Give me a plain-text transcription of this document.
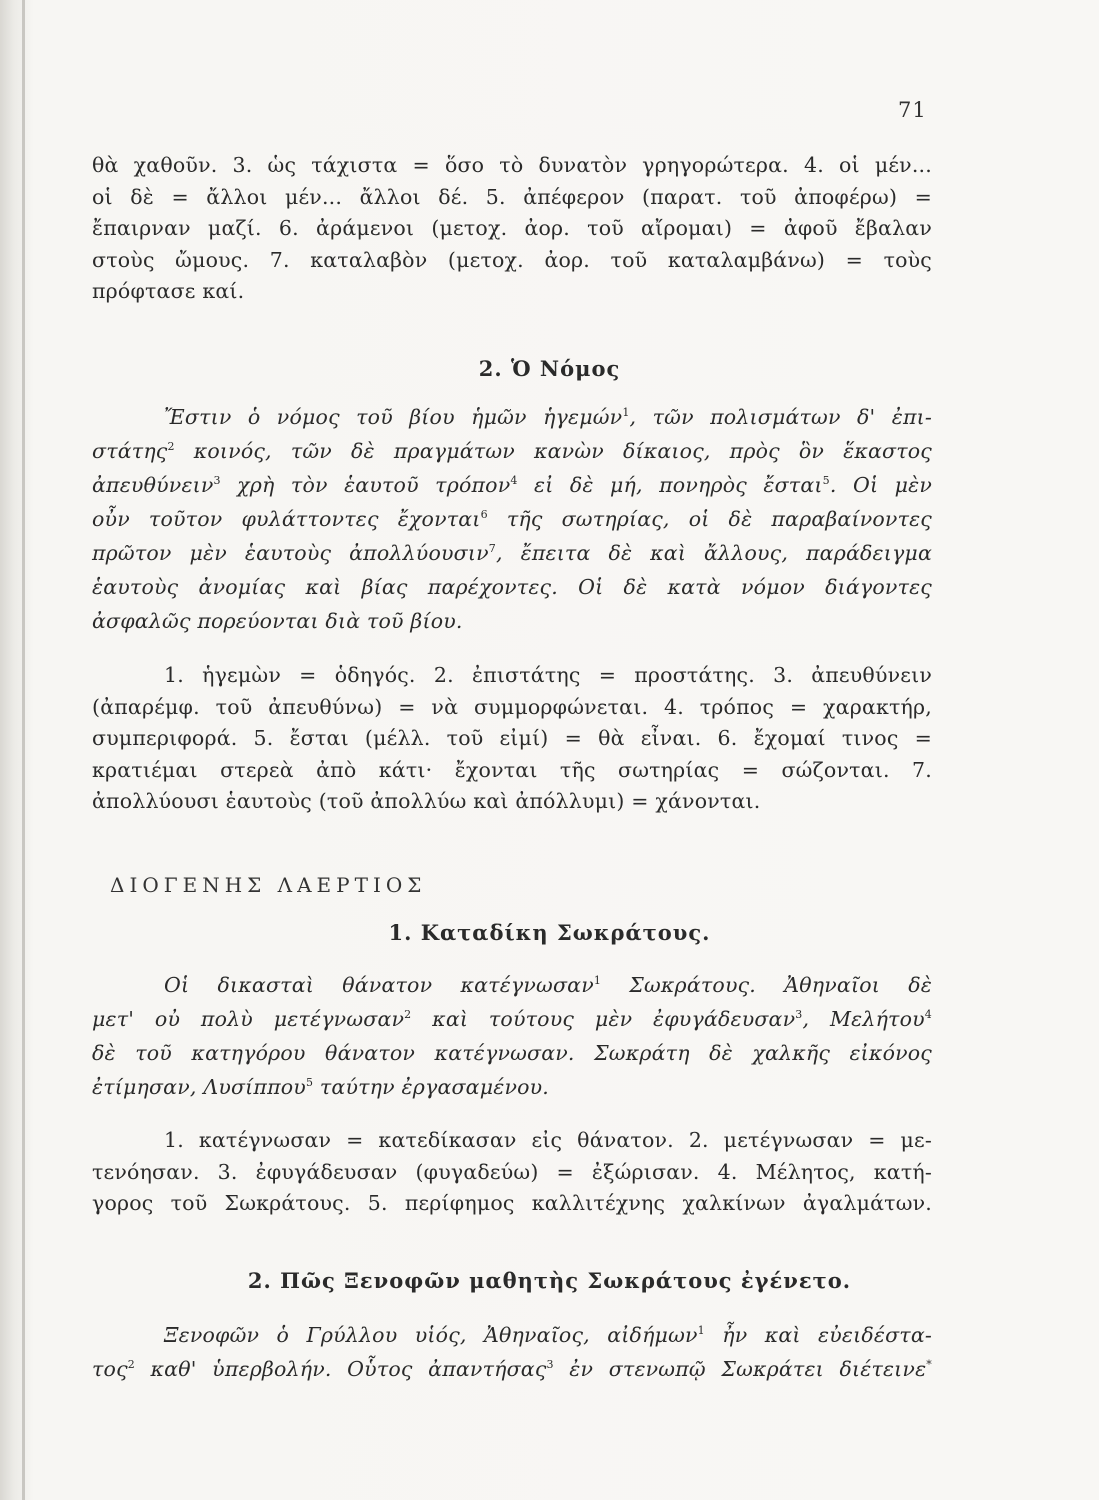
71
θὰ χαθοῦν. 3. ὡς τάχιστα = ὅσο τὸ δυνατὸν γρηγορώτερα. 4. οἱ μέν...
οἱ δὲ = ἄλλοι μέν... ἄλλοι δέ. 5. ἀπέφερον (παρατ. τοῦ ἀποφέρω) =
ἔπαιρναν μαζί. 6. ἀράμενοι (μετοχ. ἀορ. τοῦ αἴρομαι) = ἀφοῦ ἔβαλαν
στοὺς ὤμους. 7. καταλαβὸν (μετοχ. ἀορ. τοῦ καταλαμβάνω) = τοὺς
πρόφτασε καί.
2. Ὁ Νόμος
Ἔστιν ὁ νόμος τοῦ βίου ἡμῶν ἡγεμών$^1$, τῶν πολισμάτων δ' ἐπι-
στάτης$^2$ κοινός, τῶν δὲ πραγμάτων κανὼν δίκαιος, πρὸς ὃν ἕκαστος
ἀπευθύνειν$^3$ χρὴ τὸν ἑαυτοῦ τρόπον$^4$ εἰ δὲ μή, πονηρὸς ἔσται$^5$. Οἱ μὲν
οὖν τοῦτον φυλάττοντες ἔχονται$^6$ τῆς σωτηρίας, οἱ δὲ παραβαίνοντες
πρῶτον μὲν ἑαυτοὺς ἀπολλύουσιν$^7$, ἔπειτα δὲ καὶ ἄλλους, παράδειγμα
ἑαυτοὺς ἀνομίας καὶ βίας παρέχοντες. Οἱ δὲ κατὰ νόμον διάγοντες
ἀσφαλῶς πορεύονται διὰ τοῦ βίου.
1. ἡγεμὼν = ὁδηγός. 2. ἐπιστάτης = προστάτης. 3. ἀπευθύνειν
(ἀπαρέμφ. τοῦ ἀπευθύνω) = νὰ συμμορφώνεται. 4. τρόπος = χαρακτήρ,
συμπεριφορά. 5. ἔσται (μέλλ. τοῦ εἰμί) = θὰ εἶναι. 6. ἔχομαί τινος =
κρατιέμαι στερεὰ ἀπὸ κάτι· ἔχονται τῆς σωτηρίας = σώζονται. 7.
ἀπολλύουσι ἑαυτοὺς (τοῦ ἀπολλύω καὶ ἀπόλλυμι) = χάνονται.
ΔΙΟΓΕΝΗΣ ΛΑΕΡΤΙΟΣ
1. Καταδίκη Σωκράτους.
Οἱ δικασταὶ θάνατον κατέγνωσαν$^1$ Σωκράτους. Ἀθηναῖοι δὲ
μετ' οὐ πολὺ μετέγνωσαν$^2$ καὶ τούτους μὲν ἐφυγάδευσαν$^3$, Μελήτου$^4$
δὲ τοῦ κατηγόρου θάνατον κατέγνωσαν. Σωκράτη δὲ χαλκῆς εἰκόνος
ἐτίμησαν, Λυσίππου$^5$ ταύτην ἐργασαμένου.
1. κατέγνωσαν = κατεδίκασαν εἰς θάνατον. 2. μετέγνωσαν = με-
τενόησαν. 3. ἐφυγάδευσαν (φυγαδεύω) = ἐξώρισαν. 4. Μέλητος, κατή-
γορος τοῦ Σωκράτους. 5. περίφημος καλλιτέχνης χαλκίνων ἀγαλμάτων.
2. Πῶς Ξενοφῶν μαθητὴς Σωκράτους ἐγένετο.
Ξενοφῶν ὁ Γρύλλου υἱός, Ἀθηναῖος, αἰδήμων$^1$ ἦν καὶ εὐειδέστα-
τος$^2$ καθ' ὑπερβολήν. Οὗτος ἀπαντήσας$^3$ ἐν στενωπῷ Σωκράτει διέτεινε*
